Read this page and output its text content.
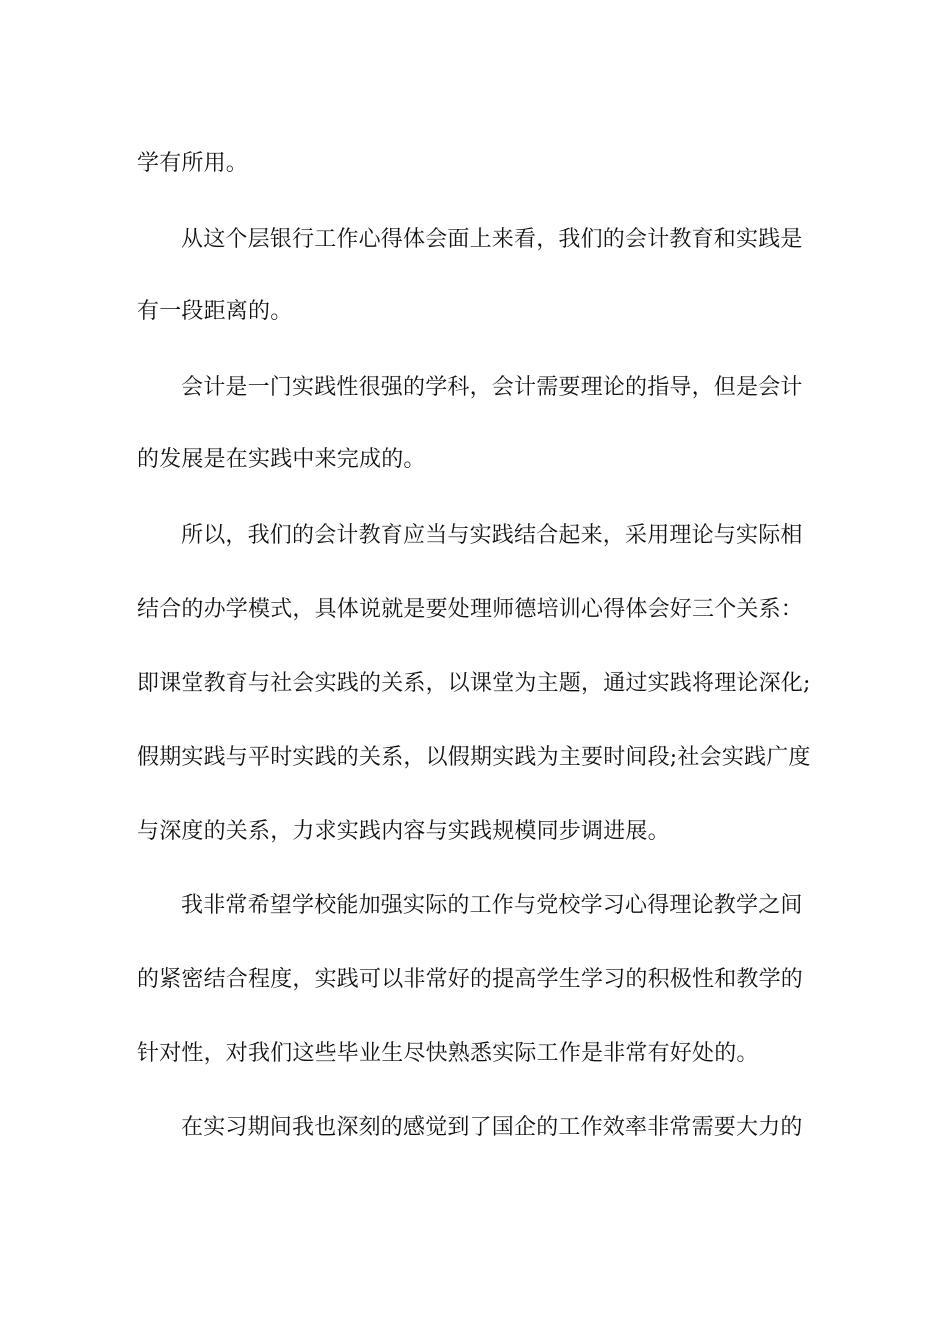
学有所用。
从这个层银行工作心得体会面上来看，我们的会计教育和实践是
有一段距离的。
会计是一门实践性很强的学科，会计需要理论的指导，但是会计
的发展是在实践中来完成的。
所以，我们的会计教育应当与实践结合起来，采用理论与实际相
结合的办学模式，具体说就是要处理师德培训心得体会好三个关系：
即课堂教育与社会实践的关系，以课堂为主题，通过实践将理论深化;
假期实践与平时实践的关系，以假期实践为主要时间段;社会实践广度
与深度的关系，力求实践内容与实践规模同步调进展。
我非常希望学校能加强实际的工作与党校学习心得理论教学之间
的紧密结合程度，实践可以非常好的提高学生学习的积极性和教学的
针对性，对我们这些毕业生尽快熟悉实际工作是非常有好处的。
在实习期间我也深刻的感觉到了国企的工作效率非常需要大力的
